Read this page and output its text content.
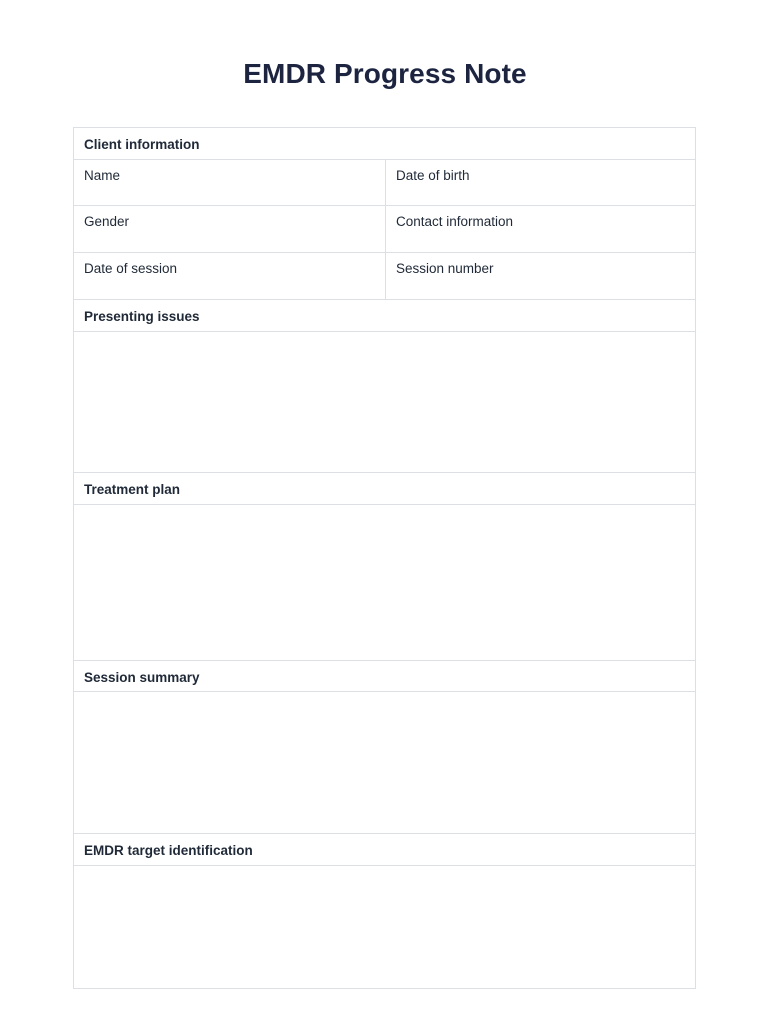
EMDR Progress Note
Client information
Name	Date of birth
Gender	Contact information
Date of session	Session number
Presenting issues
Treatment plan
Session summary
EMDR target identification
